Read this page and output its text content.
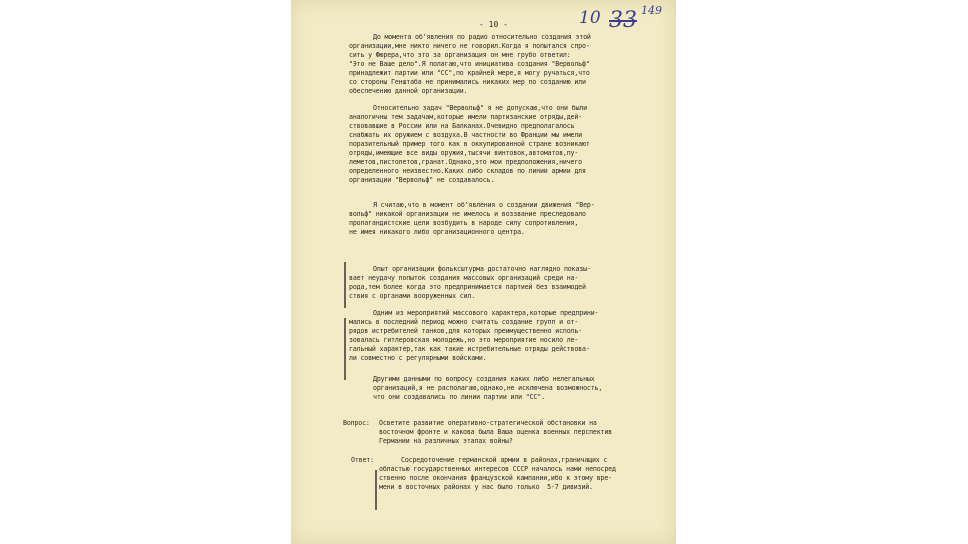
- 10 -	10 33 149
До момента об'явления по радио относительно создания этой
организации,мне никто ничего не говорил.Когда я попытался спро-
сить у Фюрера,что это за организация он мне грубо ответил:
"Это не Ваше дело".Я полагаю,что инициатива создания "Вервольф"
принадлежит партии или "СС",по крайней мере,я могу ручаться,что
со стороны Генштаба не принимались никаких мер по созданию или
обеспечению данной организации.
Относительно задач "Вервольф" я не допускаю,что они были
аналогичны тем задачам,которые имели партизанские отряды,дей-
ствовавшие в России или на Балканах.Очевидно предполагалось
снабжать их оружием с воздуха.В частности во Франции мы имели
поразительный пример того как в оккупированной стране возникают
отряды,имеющие все виды оружия,тысячи винтовок,автоматов,пу-
леметов,пистолетов,гранат.Однако,это мои предположения,ничего
определенного неизвестно.Каких либо складов по линии армии для
организации "Вервольф" не создавалось.
Я считаю,что в момент об'явления о создании движения "Вер-
вольф" никакой организации не имелось и воззвание преследовало
пропагандистские цели возбудить в народе силу сопротивления,
не имея никакого либо организационного центра.
Опыт организации фольксштурма достаточно наглядно показы-
вает неудачу попыток создания массовых организаций среди на-
рода,тем более когда это предпринимается партией без взаимодей
ствия с органами вооруженных сил.
Одним из мероприятий массового характера,которые предприни-
мались в последний период можно считать создание групп и от-
рядов истребителей танков,для которых преимущественно исполь-
зовалась гитлеровская молодежь,но это мероприятие носило ле-
гальный характер,так как такие истребительные отряды действова-
ли совместно с регулярными войсками.
Другими данными по вопросу создания каких либо нелегальных
организаций,я не располагаю,однако,не исключена возможность,
что они создавались по линии партии или "СС".
Вопрос: Осветите развитие оперативно-стратегической обстановки на
восточном фронте и какова была Ваша оценка военных перспектив
Германии на различных этапах войны?
Ответ:	Сосредоточение германской армии в районах,граничащих с
областью государственных интересов СССР началось нами непосред
ственно после окончания французской кампании,ибо к этому вре-
мени в восточных районах у нас было только  5-7 дивизий.
